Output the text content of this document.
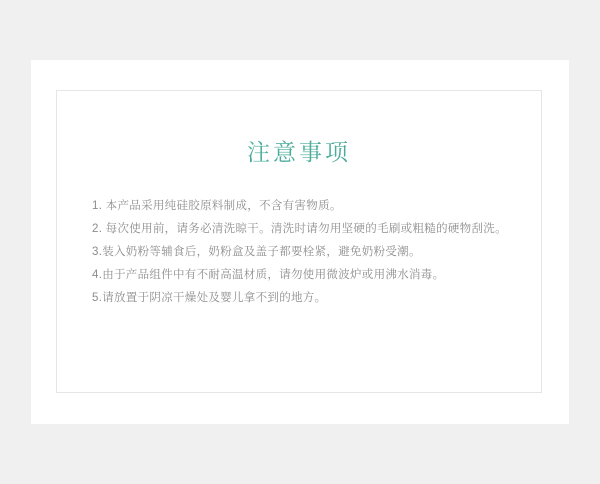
注意事项
1. 本产品采用纯硅胶原料制成，不含有害物质。
2. 每次使用前，请务必清洗晾干。清洗时请勿用坚硬的毛刷或粗糙的硬物刮洗。
3.装入奶粉等辅食后，奶粉盒及盖子都要栓紧，避免奶粉受潮。
4.由于产品组件中有不耐高温材质，请勿使用微波炉或用沸水消毒。
5.请放置于阴凉干燥处及婴儿拿不到的地方。
